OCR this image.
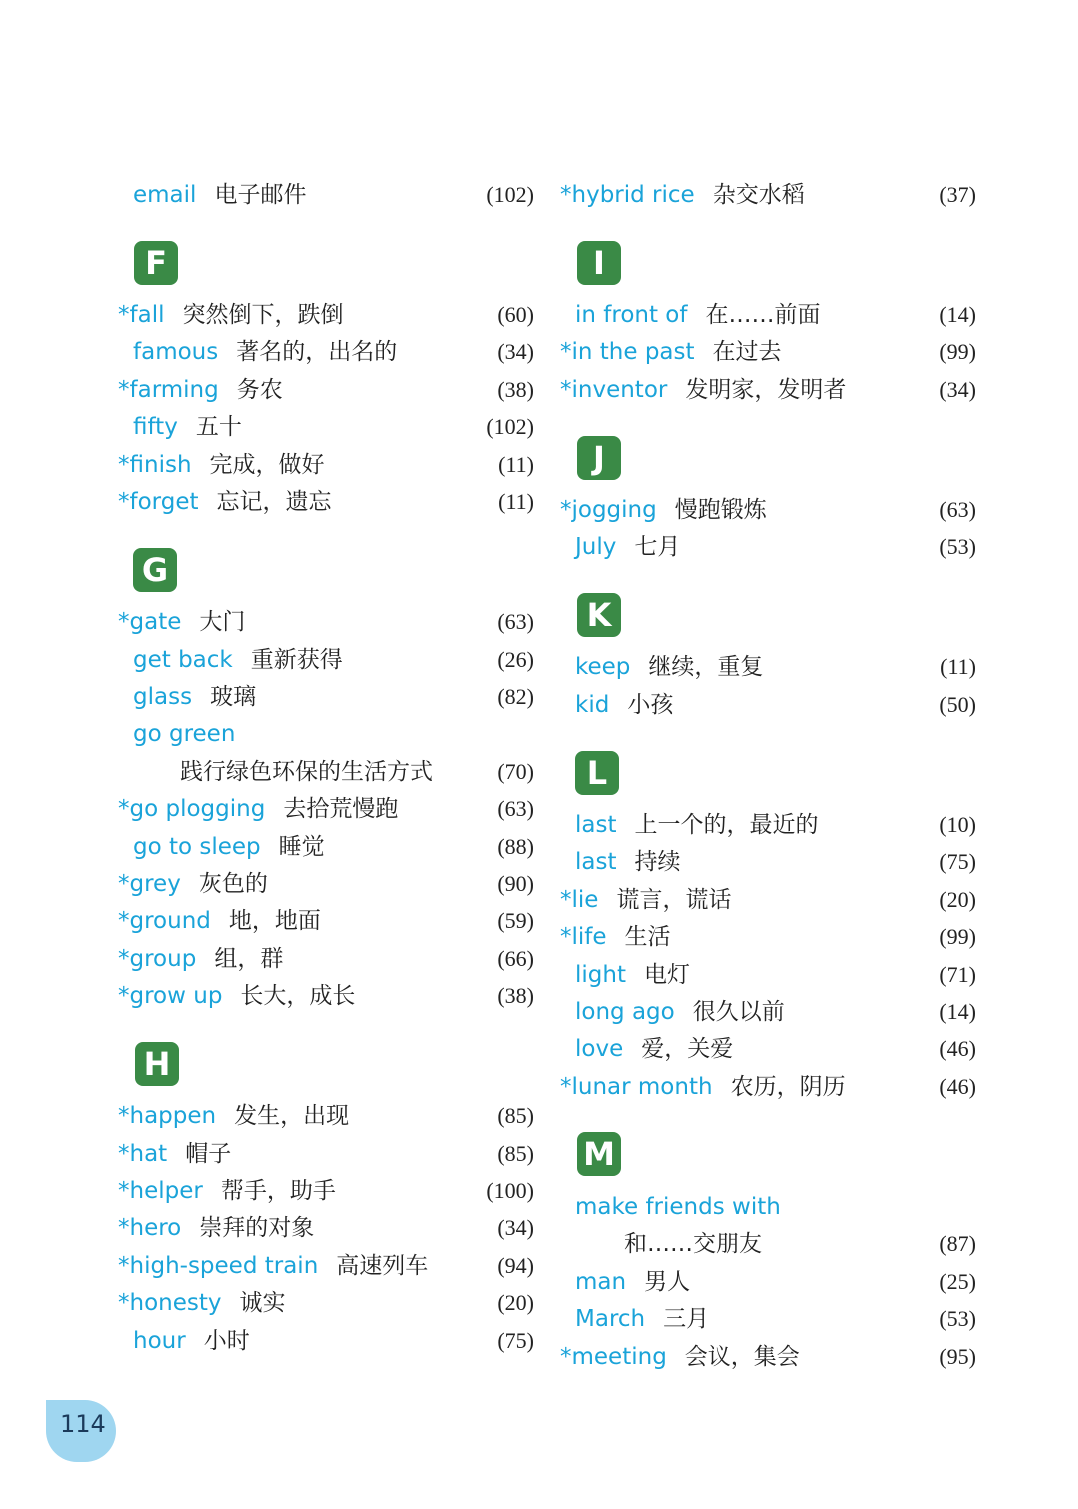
email 电子邮件	(102)
F
*fall 突然倒下，跌倒	(60)
famous 著名的，出名的	(34)
*farming 务农	(38)
fifty 五十	(102)
*finish 完成，做好	(11)
*forget 忘记，遗忘	(11)
G
*gate 大门	(63)
get back 重新获得	(26)
glass 玻璃	(82)
go green
践行绿色环保的生活方式	(70)
*go plogging 去拾荒慢跑	(63)
go to sleep 睡觉	(88)
*grey 灰色的	(90)
*ground 地，地面	(59)
*group 组，群	(66)
*grow up 长大，成长	(38)
H
*happen 发生，出现	(85)
*hat 帽子	(85)
*helper 帮手，助手	(100)
*hero 崇拜的对象	(34)
*high-speed train 高速列车	(94)
*honesty 诚实	(20)
hour 小时	(75)
*hybrid rice 杂交水稻	(37)
I
in front of 在……前面	(14)
*in the past 在过去	(99)
*inventor 发明家，发明者	(34)
J
*jogging 慢跑锻炼	(63)
July 七月	(53)
K
keep 继续，重复	(11)
kid 小孩	(50)
L
last 上一个的，最近的	(10)
last 持续	(75)
*lie 谎言，谎话	(20)
*life 生活	(99)
light 电灯	(71)
long ago 很久以前	(14)
love 爱，关爱	(46)
*lunar month 农历，阴历	(46)
M
make friends with
和……交朋友	(87)
man 男人	(25)
March 三月	(53)
*meeting 会议，集会	(95)
114
